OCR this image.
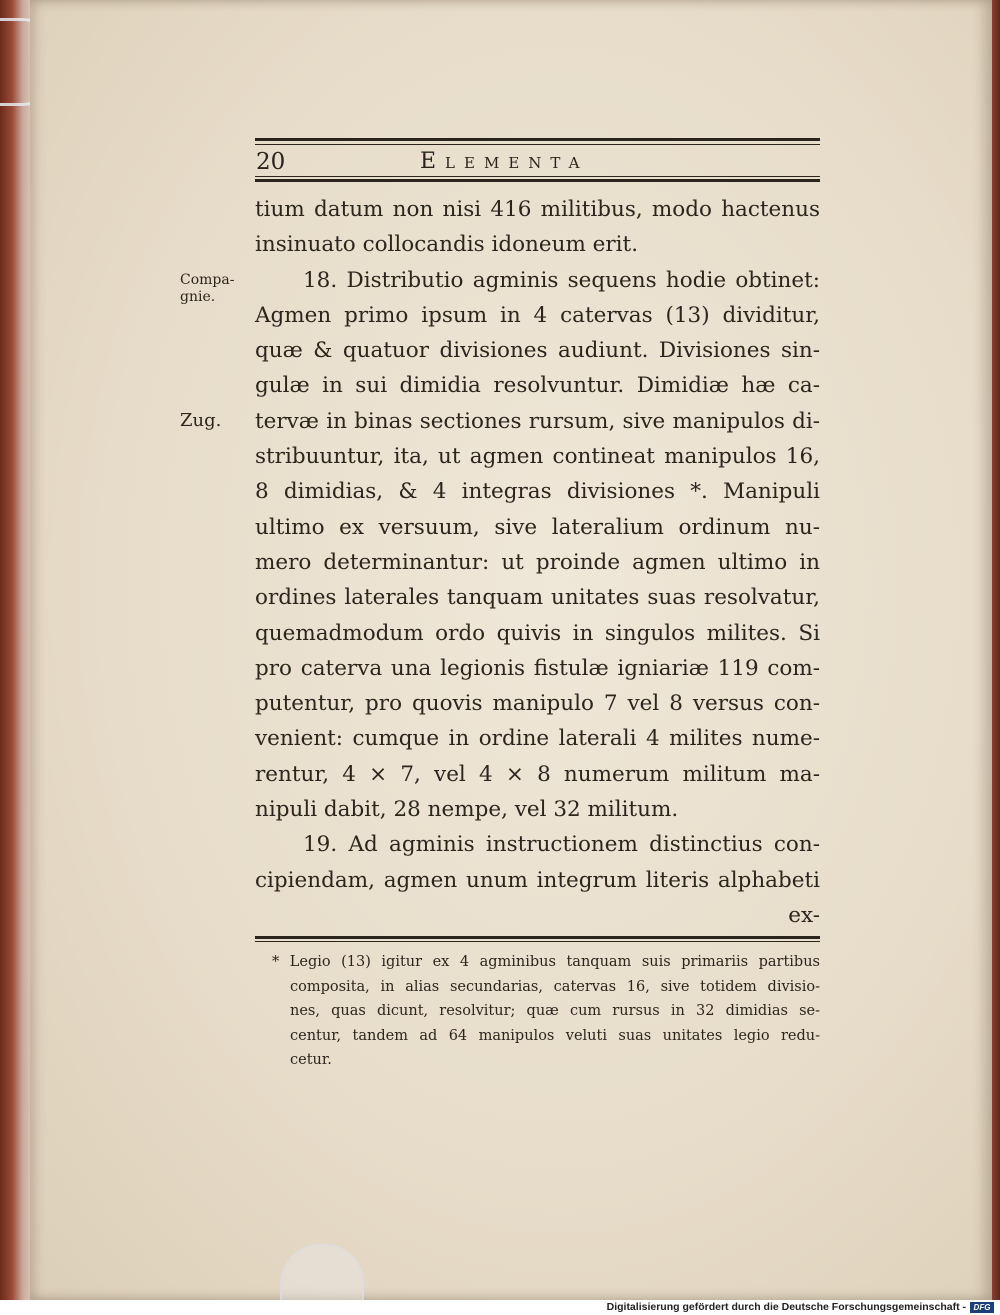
20	Elementa
Compa-
gnie.
Zug.
tium datum non nisi 416 militibus, modo hactenus
insinuato collocandis idoneum erit.
18. Distributio agminis sequens hodie obtinet:
Agmen primo ipsum in 4 catervas (13) dividitur,
quæ & quatuor divisiones audiunt. Divisiones sin-
gulæ in sui dimidia resolvuntur. Dimidiæ hæ ca-
tervæ in binas sectiones rursum, sive manipulos di-
stribuuntur, ita, ut agmen contineat manipulos 16,
8 dimidias, & 4 integras divisiones *. Manipuli
ultimo ex versuum, sive lateralium ordinum nu-
mero determinantur: ut proinde agmen ultimo in
ordines laterales tanquam unitates suas resolvatur,
quemadmodum ordo quivis in singulos milites. Si
pro caterva una legionis fistulæ igniariæ 119 com-
putentur, pro quovis manipulo 7 vel 8 versus con-
venient: cumque in ordine laterali 4 milites nume-
rentur, 4 × 7, vel 4 × 8 numerum militum ma-
nipuli dabit, 28 nempe, vel 32 militum.
19. Ad agminis instructionem distinctius con-
cipiendam, agmen unum integrum literis alphabeti
ex-
* Legio (13) igitur ex 4 agminibus tanquam suis primariis partibus
composita, in alias secundarias, catervas 16, sive totidem divisio-
nes, quas dicunt, resolvitur; quæ cum rursus in 32 dimidias se-
centur, tandem ad 64 manipulos veluti suas unitates legio redu-
cetur.
Digitalisierung gefördert durch die Deutsche Forschungsgemeinschaft - DFG
